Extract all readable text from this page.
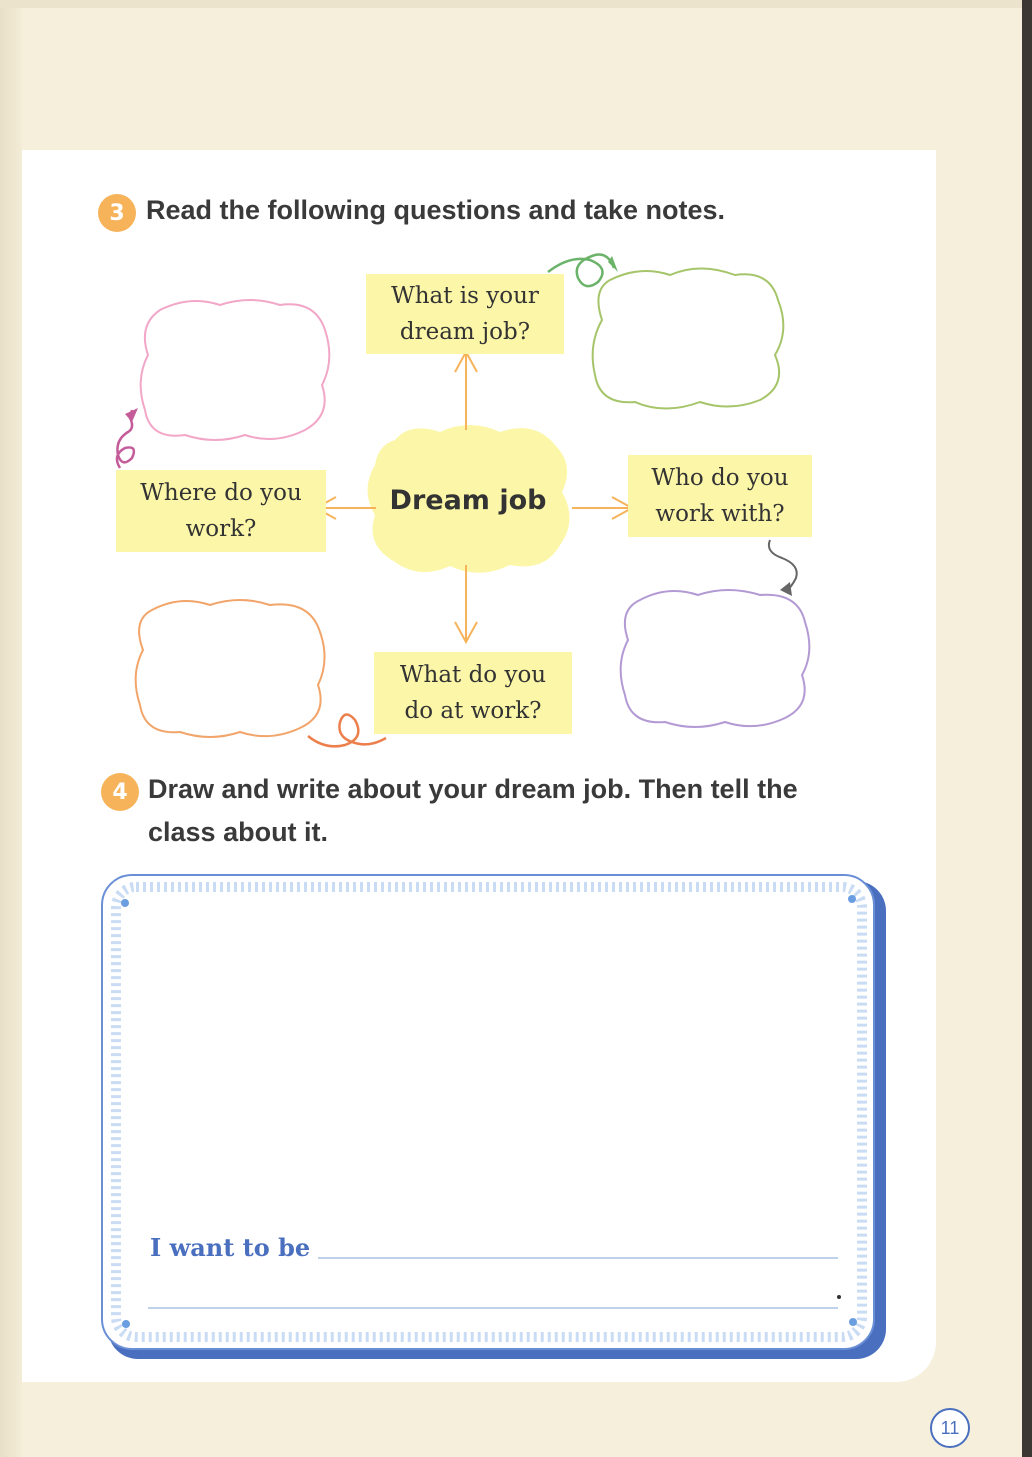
3 Read the following questions and take notes.
What is your
dream job?
Where do you
work?
Who do you
work with?
What do you
do at work?
Dream job
4 Draw and write about your dream job. Then tell the
class about it.
I want to be
11
